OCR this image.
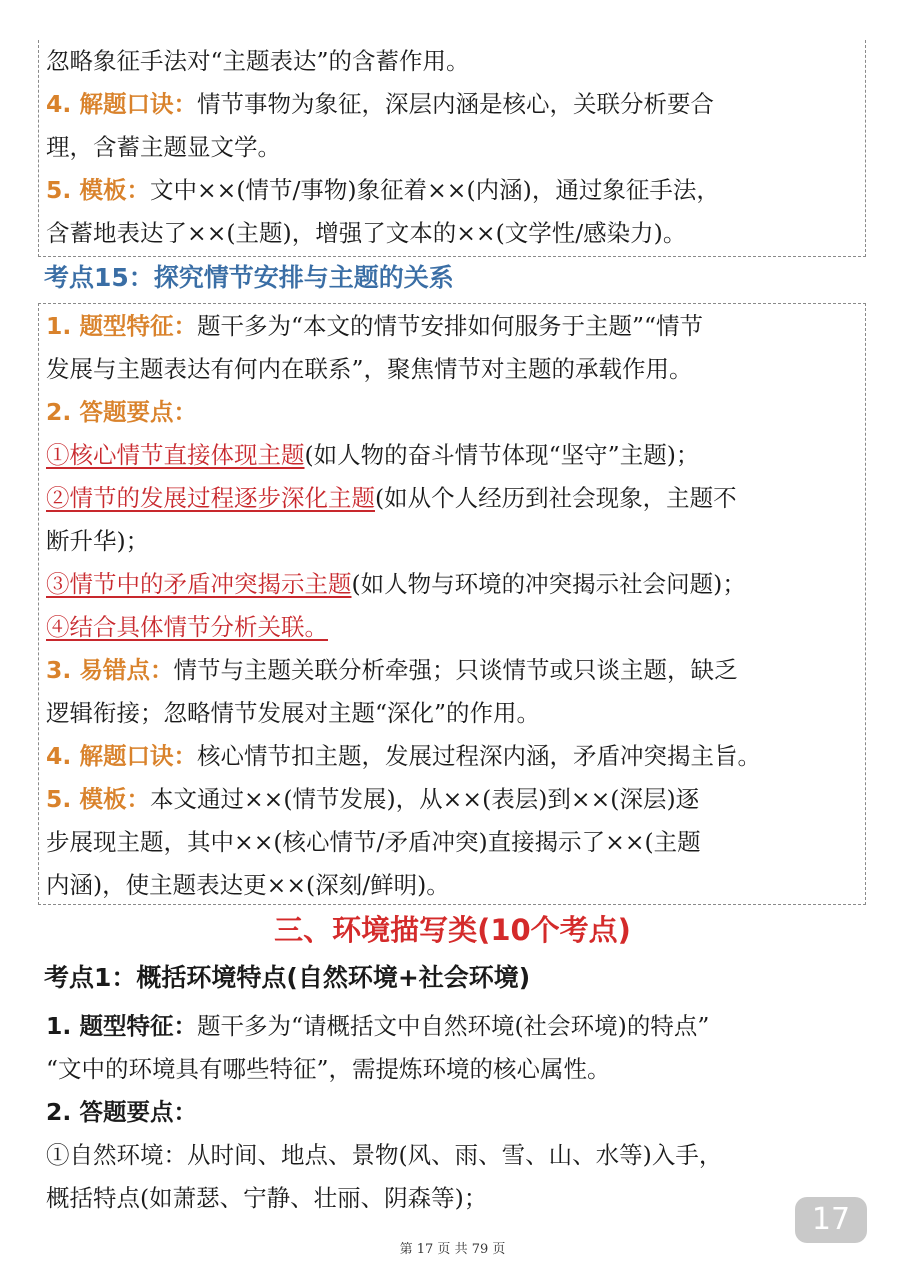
忽略象征手法对“主题表达”的含蓄作用。
4. 解题口诀：情节事物为象征，深层内涵是核心，关联分析要合
理，含蓄主题显文学。
5. 模板：文中××(情节/事物)象征着××(内涵)，通过象征手法，
含蓄地表达了××(主题)，增强了文本的××(文学性/感染力)。
考点15：探究情节安排与主题的关系
1. 题型特征：题干多为“本文的情节安排如何服务于主题”“情节
发展与主题表达有何内在联系”，聚焦情节对主题的承载作用。
2. 答题要点：
①核心情节直接体现主题(如人物的奋斗情节体现“坚守”主题)；
②情节的发展过程逐步深化主题(如从个人经历到社会现象，主题不
断升华)；
③情节中的矛盾冲突揭示主题(如人物与环境的冲突揭示社会问题)；
④结合具体情节分析关联。
3. 易错点：情节与主题关联分析牵强；只谈情节或只谈主题，缺乏
逻辑衔接；忽略情节发展对主题“深化”的作用。
4. 解题口诀：核心情节扣主题，发展过程深内涵，矛盾冲突揭主旨。
5. 模板：本文通过××(情节发展)，从××(表层)到××(深层)逐
步展现主题，其中××(核心情节/矛盾冲突)直接揭示了××(主题
内涵)，使主题表达更××(深刻/鲜明)。
三、环境描写类(10个考点)
考点1：概括环境特点(自然环境+社会环境)
1. 题型特征：题干多为“请概括文中自然环境(社会环境)的特点”
“文中的环境具有哪些特征”，需提炼环境的核心属性。
2. 答题要点：
①自然环境：从时间、地点、景物(风、雨、雪、山、水等)入手，
概括特点(如萧瑟、宁静、壮丽、阴森等)；
17
第 17 页 共 79 页
